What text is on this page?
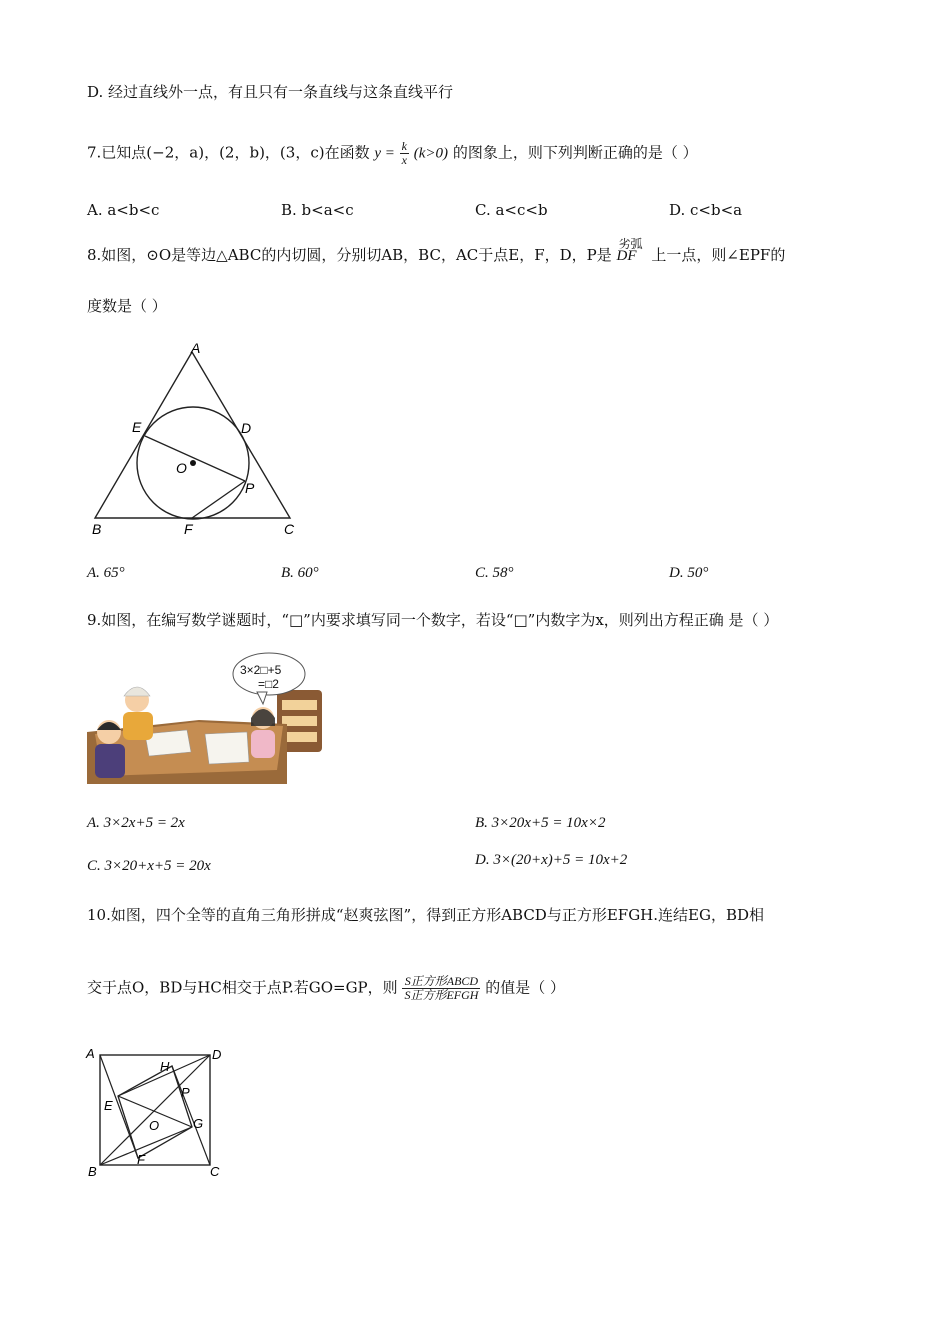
D. 经过直线外一点，有且只有一条直线与这条直线平行
7.已知点(−2，a)，(2，b)，(3，c)在函数 $y = \frac{k}{x} (k>0)$ 的图象上，则下列判断正确的是（ ）
A. a<b<c	B. b<a<c	C. a<c<b	D. c<b<a
8.如图，⊙O是等边△ABC的内切圆，分别切AB，BC，AC于点E，F，D，P是
劣弧
DF 上一点，则∠EPF的
度数是（ ）
A
E	D
O
P
B	F	C
A. 65°	B. 60°	C. 58°	D. 50°
9.如图，在编写数学谜题时，“□”内要求填写同一个数字，若设“□”内数字为x，则列出方程正确 是（ ）
3×2□+5
=□2
A. 3×2x+5 = 2x	B. 3×20x+5 = 10x×2
C. 3×20+x+5 = 20x	D. 3×(20+x)+5 = 10x+2
10.如图，四个全等的直角三角形拼成“赵爽弦图”，得到正方形ABCD与正方形EFGH.连结EG，BD相
交于点O，BD与HC相交于点P.若GO=GP，则 $\frac{\text{S正方形ABCD}}{\text{S正方形EFGH}}$ 的值是（ ）
A	D
H
P
E
O	G
B
F
C
